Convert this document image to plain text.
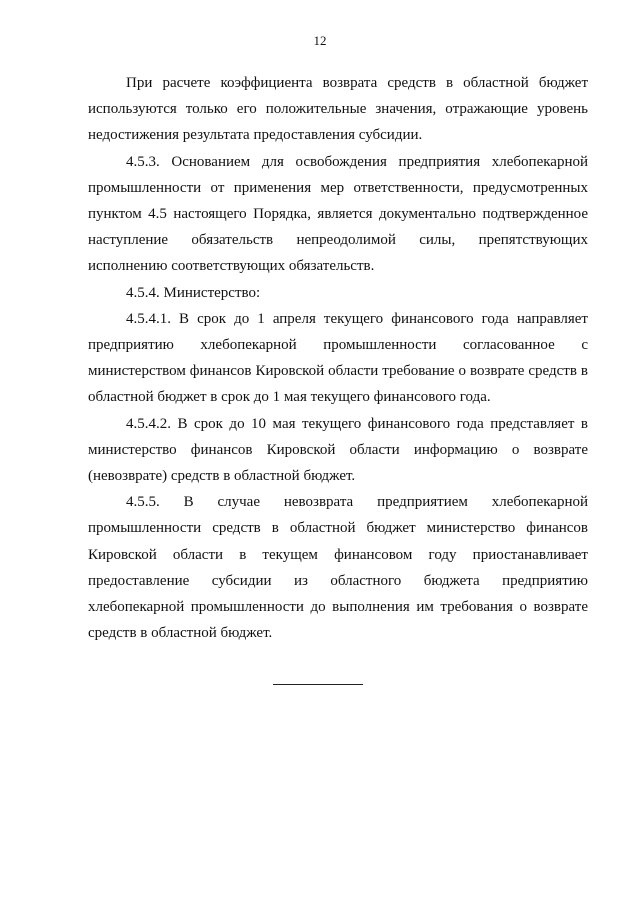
12

При расчете коэффициента возврата средств в областной бюджет
используются только его положительные значения, отражающие уровень
недостижения результата предоставления субсидии.

4.5.3. Основанием для освобождения предприятия хлебопекарной
промышленности от применения мер ответственности, предусмотренных
пунктом 4.5 настоящего Порядка, является документально подтвержденное
наступление обязательств непреодолимой силы, препятствующих
исполнению соответствующих обязательств.

4.5.4. Министерство:

4.5.4.1. В срок до 1 апреля текущего финансового года направляет
предприятию хлебопекарной промышленности согласованное с
министерством финансов Кировской области требование о возврате средств в
областной бюджет в срок до 1 мая текущего финансового года.

4.5.4.2. В срок до 10 мая текущего финансового года представляет в
министерство финансов Кировской области информацию о возврате
(невозврате) средств в областной бюджет.

4.5.5. В случае невозврата предприятием хлебопекарной
промышленности средств в областной бюджет министерство финансов
Кировской области в текущем финансовом году приостанавливает
предоставление субсидии из областного бюджета предприятию
хлебопекарной промышленности до выполнения им требования о возврате
средств в областной бюджет.
